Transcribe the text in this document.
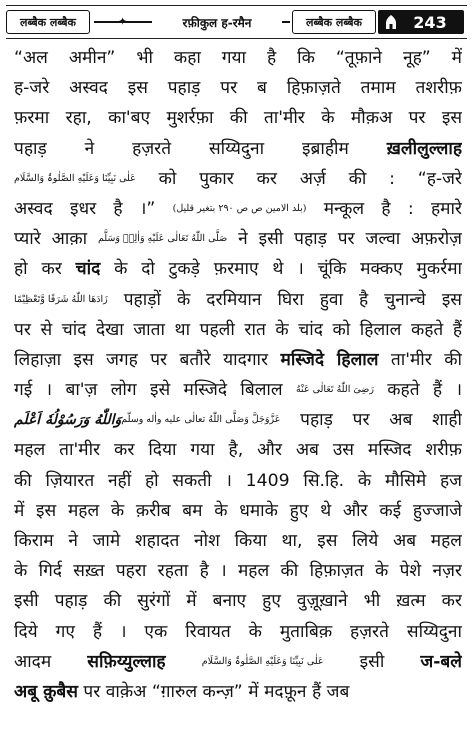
लब्बैक लब्बैक	✦	रफ़ीकुल ह-रमैन	लब्बैक लब्बैक	243
“अल अमीन” भी कहा गया है कि “तूफ़ाने नूह” में
ह-जरे अस्वद इस पहाड़ पर ब हिफ़ाज़ते तमाम तशरीफ़
फ़रमा रहा, का'बए मुशर्रफ़ा की ता'मीर के मौक़अ पर इस
पहाड़ ने हज़रते सय्यिदुना इब्राहीम ख़लीलुल्लाह
عَلٰی نَبِیِّنَا وَعَلَیْهِ الصَّلٰوۃُ وَالسَّلَام को पुकार कर अर्ज़ की : “ह-जरे
अस्वद इधर है ।” (بلد الامین ص ص ۲۹۰ بتغیر قلیل) मन्कूल है : हमारे
प्यारे आक़ा صَلَّى اللّٰهُ تَعَالٰی عَلَیْهِ وَاٰلِهٖ وَسَلَّم ने इसी पहाड़ पर जल्वा अफ़रोज़
हो कर चांद के दो टुकड़े फ़रमाए थे । चूंकि मक्कए मुकर्रमा
زَادَهَا اللّٰهُ شَرَفًا وَّتَعْظِیْمًا पहाड़ों के दरमियान घिरा हुवा है चुनान्चे इस
पर से चांद देखा जाता था पहली रात के चांद को हिलाल कहते हैं
लिहाज़ा इस जगह पर बतौरे यादगार मस्जिदे हिलाल ता'मीर की
गई । बा'ज़ लोग इसे मस्जिदे बिलाल رَضِیَ اللّٰهُ تَعَالٰی عَنْهُ कहते हैं ।
وَاللّٰهُ وَرَسُوْلُهٗ اَعْلَمعَزَّوَجَلَّ وَصَلَّى اللّٰهُ تعالٰی علیه واٰله وسلّم पहाड़ पर अब शाही
महल ता'मीर कर दिया गया है, और अब उस मस्जिद शरीफ़
की ज़ियारत नहीं हो सकती । 1409 सि.हि. के मौसिमे हज
में इस महल के क़रीब बम के धमाके हुए थे और कई हुज्जाजे
किराम ने जामे शहादत नोश किया था, इस लिये अब महल
के गिर्द सख़्त पहरा रहता है । महल की हिफ़ाज़त के पेशे नज़र
इसी पहाड़ की सुरंगों में बनाए हुए वुज़ूख़ाने भी ख़त्म कर
दिये गए हैं । एक रिवायत के मुताबिक़ हज़रते सय्यिदुना
आदम सफ़िय्युल्लाह	عَلٰی نَبِیِّنَا وَعَلَیْهِ الصَّلٰوۃُ وَالسَّلَام इसी ज-बले
अबू क़ुबैस पर वाक़ेअ “ग़ारुल कन्ज़” में मदफ़ून हैं जब
